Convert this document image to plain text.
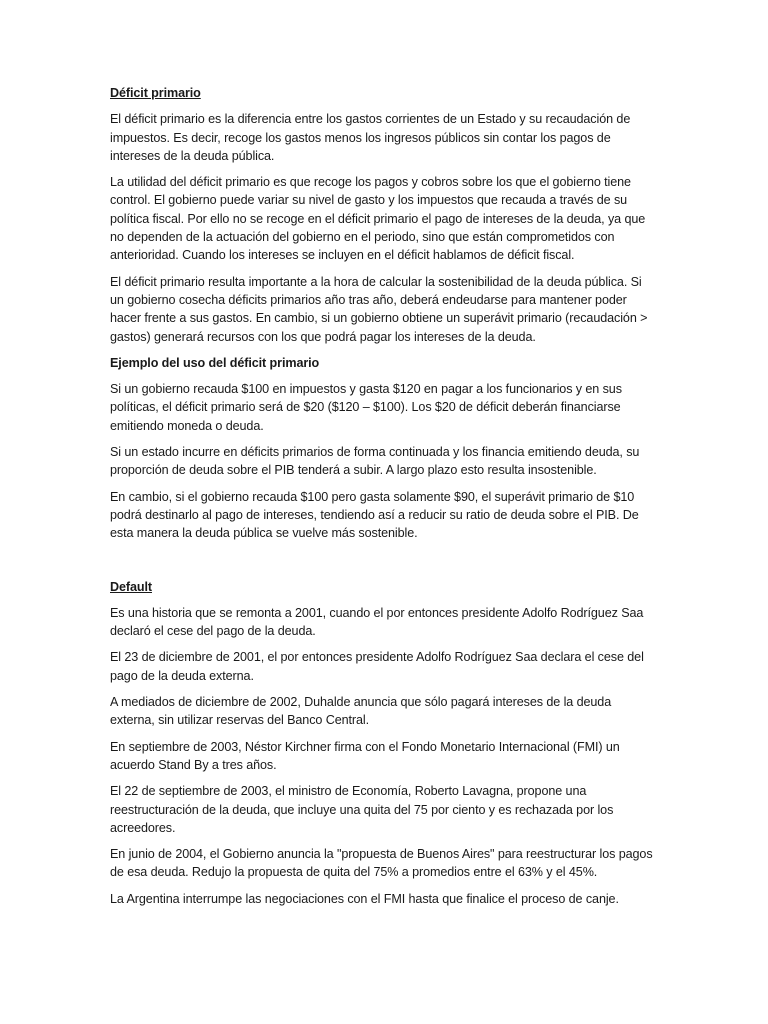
Déficit primario

El déficit primario es la diferencia entre los gastos corrientes de un Estado y su recaudación de impuestos. Es decir, recoge los gastos menos los ingresos públicos sin contar los pagos de intereses de la deuda pública.

La utilidad del déficit primario es que recoge los pagos y cobros sobre los que el gobierno tiene control. El gobierno puede variar su nivel de gasto y los impuestos que recauda a través de su política fiscal. Por ello no se recoge en el déficit primario el pago de intereses de la deuda, ya que no dependen de la actuación del gobierno en el periodo, sino que están comprometidos con anterioridad. Cuando los intereses se incluyen en el déficit hablamos de déficit fiscal.

El déficit primario resulta importante a la hora de calcular la sostenibilidad de la deuda pública. Si un gobierno cosecha déficits primarios año tras año, deberá endeudarse para mantener poder hacer frente a sus gastos. En cambio, si un gobierno obtiene un superávit primario (recaudación > gastos) generará recursos con los que podrá pagar los intereses de la deuda.

Ejemplo del uso del déficit primario

Si un gobierno recauda $100 en impuestos y gasta $120 en pagar a los funcionarios y en sus políticas, el déficit primario será de $20 ($120 – $100). Los $20 de déficit deberán financiarse emitiendo moneda o deuda.

Si un estado incurre en déficits primarios de forma continuada y los financia emitiendo deuda, su proporción de deuda sobre el PIB tenderá a subir. A largo plazo esto resulta insostenible.

En cambio, si el gobierno recauda $100 pero gasta solamente $90, el superávit primario de $10 podrá destinarlo al pago de intereses, tendiendo así a reducir su ratio de deuda sobre el PIB. De esta manera la deuda pública se vuelve más sostenible.

Default

Es una historia que se remonta a 2001, cuando el por entonces presidente Adolfo Rodríguez Saa declaró el cese del pago de la deuda.

El 23 de diciembre de 2001, el por entonces presidente Adolfo Rodríguez Saa declara el cese del pago de la deuda externa.

A mediados de diciembre de 2002, Duhalde anuncia que sólo pagará intereses de la deuda externa, sin utilizar reservas del Banco Central.

En septiembre de 2003, Néstor Kirchner firma con el Fondo Monetario Internacional (FMI) un acuerdo Stand By a tres años.

El 22 de septiembre de 2003, el ministro de Economía, Roberto Lavagna, propone una reestructuración de la deuda, que incluye una quita del 75 por ciento y es rechazada por los acreedores.

En junio de 2004, el Gobierno anuncia la "propuesta de Buenos Aires" para reestructurar los pagos de esa deuda. Redujo la propuesta de quita del 75% a promedios entre el 63% y el 45%.

La Argentina interrumpe las negociaciones con el FMI hasta que finalice el proceso de canje.
